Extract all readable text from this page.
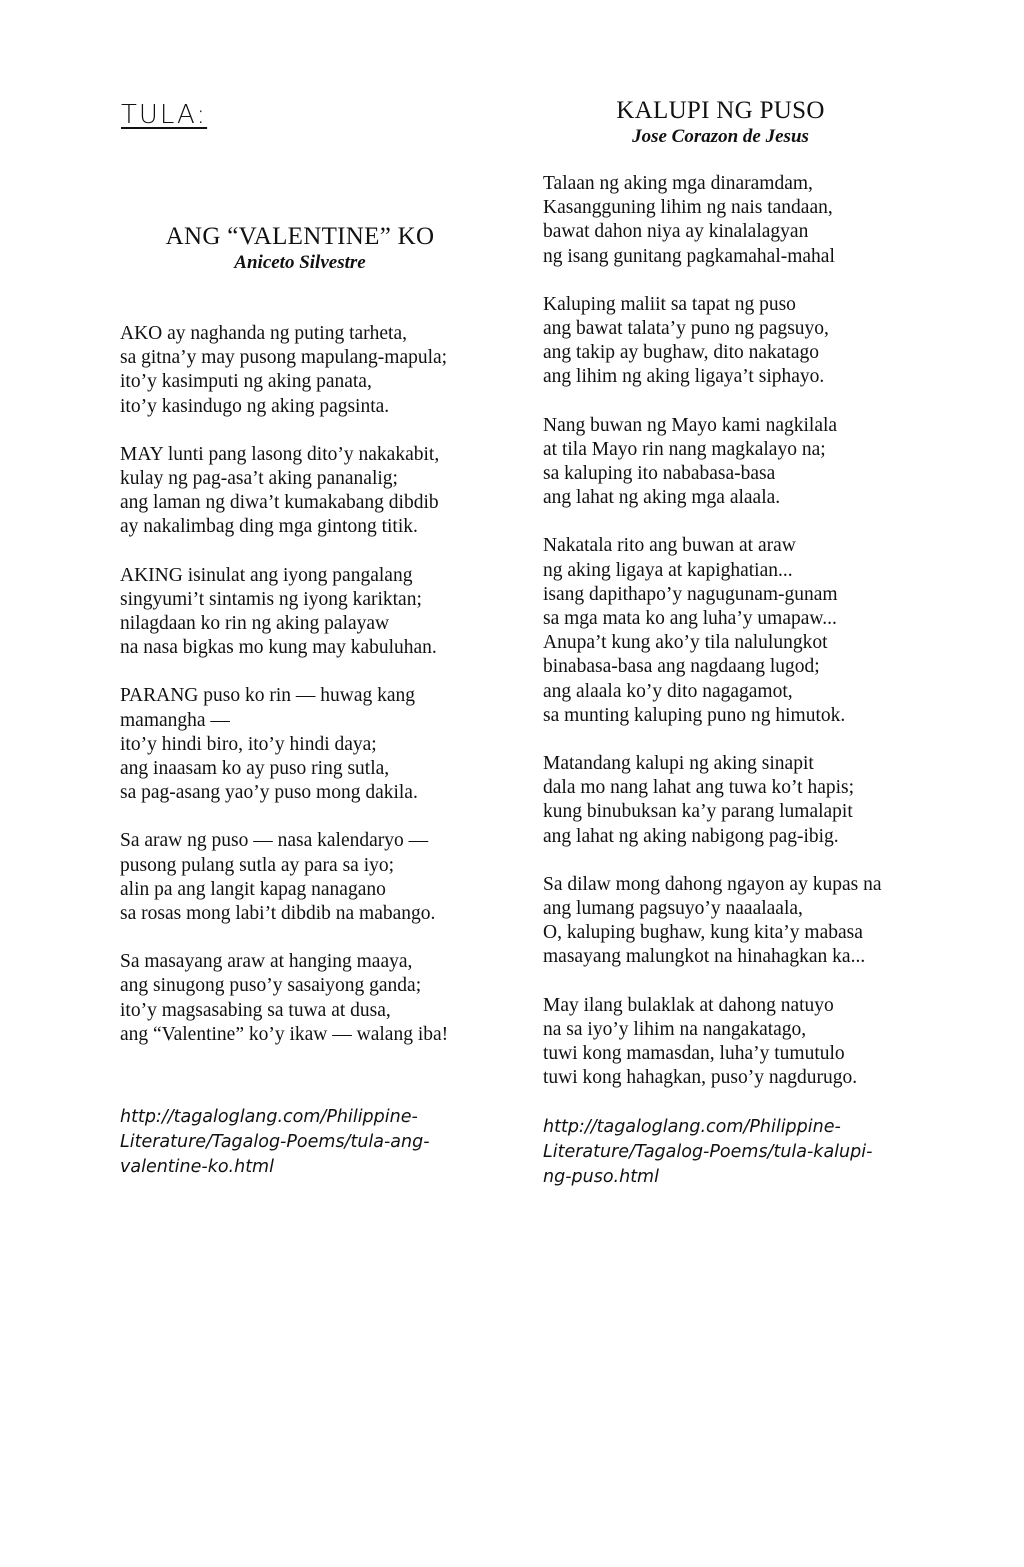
TULA:
ANG “VALENTINE” KO
Aniceto Silvestre
AKO ay naghanda ng puting tarheta,
sa gitna’y may pusong mapulang-mapula;
ito’y kasimputi ng aking panata,
ito’y kasindugo ng aking pagsinta.
MAY lunti pang lasong dito’y nakakabit,
kulay ng pag-asa’t aking pananalig;
ang laman ng diwa’t kumakabang dibdib
ay nakalimbag ding mga gintong titik.
AKING isinulat ang iyong pangalang
singyumi’t sintamis ng iyong kariktan;
nilagdaan ko rin ng aking palayaw
na nasa bigkas mo kung may kabuluhan.
PARANG puso ko rin — huwag kang mamangha —
ito’y hindi biro, ito’y hindi daya;
ang inaasam ko ay puso ring sutla,
sa pag-asang yao’y puso mong dakila.
Sa araw ng puso — nasa kalendaryo —
pusong pulang sutla ay para sa iyo;
alin pa ang langit kapag nanagano
sa rosas mong labi’t dibdib na mabango.
Sa masayang araw at hanging maaya,
ang sinugong puso’y sasaiyong ganda;
ito’y magsasabing sa tuwa at dusa,
ang “Valentine” ko’y ikaw — walang iba!
http://tagaloglang.com/Philippine-Literature/Tagalog-Poems/tula-ang-valentine-ko.html
KALUPI NG PUSO
Jose Corazon de Jesus
Talaan ng aking mga dinaramdam,
Kasangguning lihim ng nais tandaan,
bawat dahon niya ay kinalalagyan
ng isang gunitang pagkamahal-mahal
Kaluping maliit sa tapat ng puso
ang bawat talata’y puno ng pagsuyo,
ang takip ay bughaw, dito nakatago
ang lihim ng aking ligaya’t siphayo.
Nang buwan ng Mayo kami nagkilala
at tila Mayo rin nang magkalayo na;
sa kaluping ito nababasa-basa
ang lahat ng aking mga alaala.
Nakatala rito ang buwan at araw
ng aking ligaya at kapighatian...
isang dapithapo’y nagugunam-gunam
sa mga mata ko ang luha’y umapaw...
Anupa’t kung ako’y tila nalulungkot
binabasa-basa ang nagdaang lugod;
ang alaala ko’y dito nagagamot,
sa munting kaluping puno ng himutok.
Matandang kalupi ng aking sinapit
dala mo nang lahat ang tuwa ko’t hapis;
kung binubuksan ka’y parang lumalapit
ang lahat ng aking nabigong pag-ibig.
Sa dilaw mong dahong ngayon ay kupas na
ang lumang pagsuyo’y naaalaala,
O, kaluping bughaw, kung kita’y mabasa
masayang malungkot na hinahagkan ka...
May ilang bulaklak at dahong natuyo
na sa iyo’y lihim na nangakatago,
tuwi kong mamasdan, luha’y tumutulo
tuwi kong hahagkan, puso’y nagdurugo.
http://tagaloglang.com/Philippine-Literature/Tagalog-Poems/tula-kalupi-ng-puso.html
